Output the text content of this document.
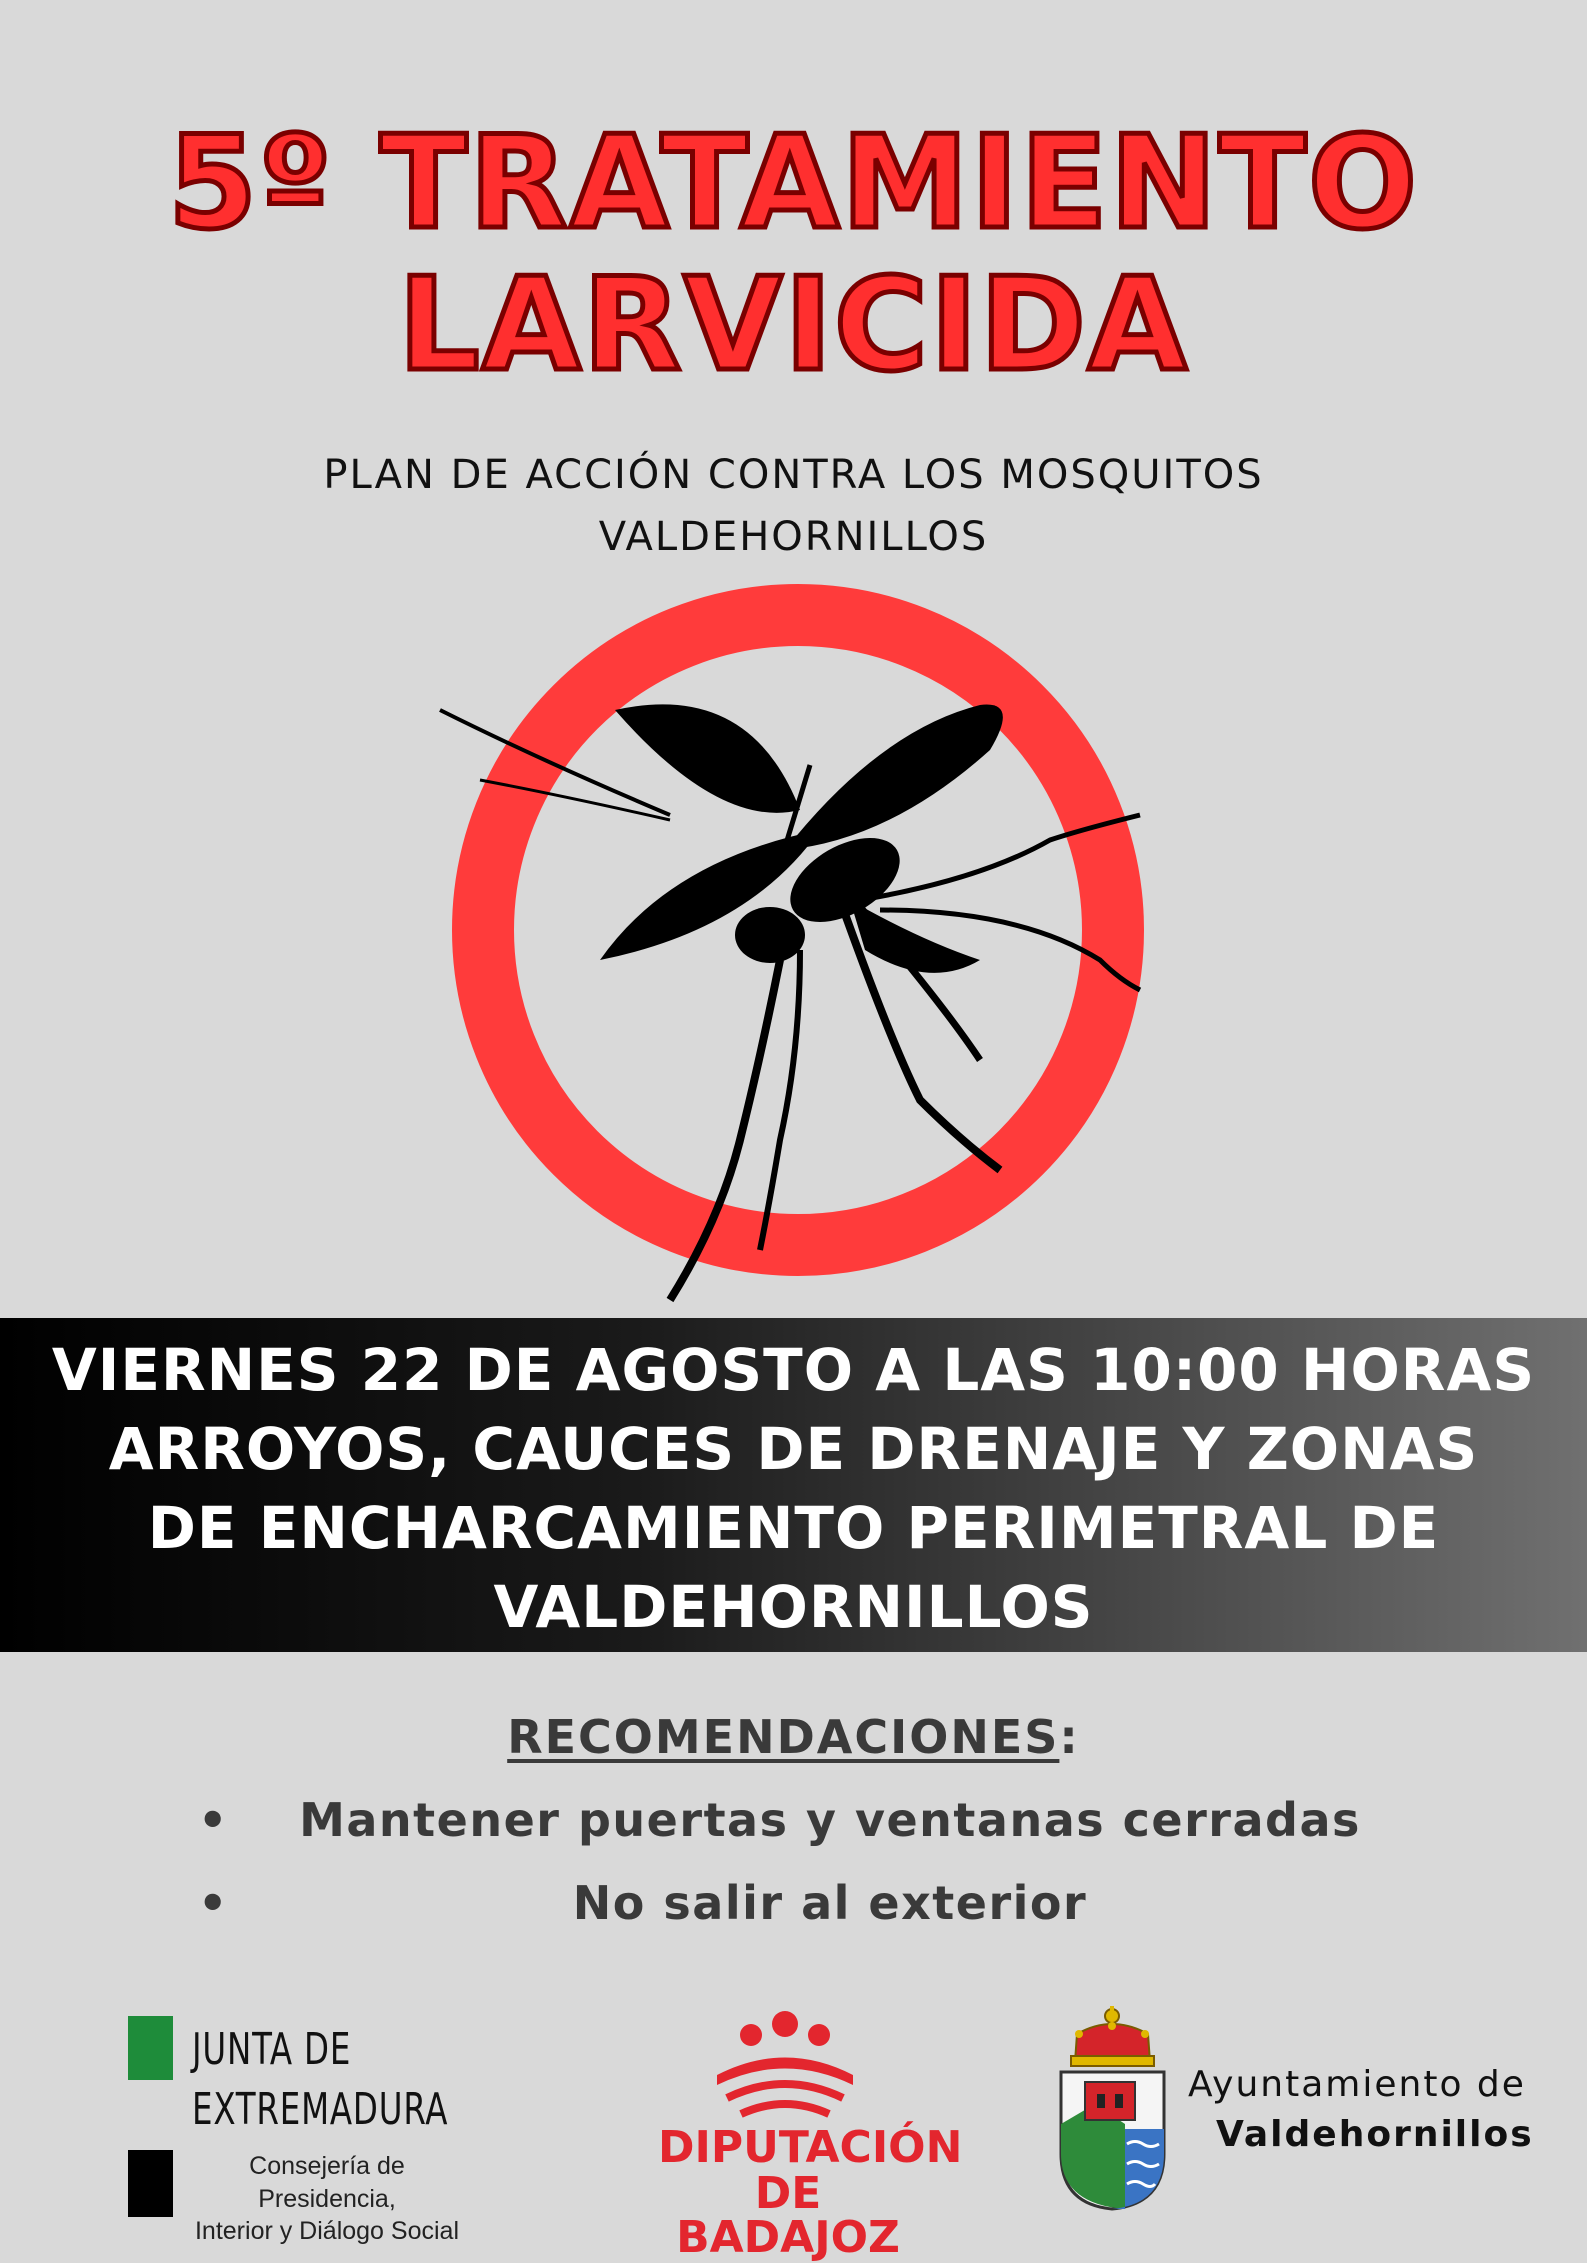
5º TRATAMIENTO
LARVICIDA
PLAN DE ACCIÓN CONTRA LOS MOSQUITOS
VALDEHORNILLOS
VIERNES 22 DE AGOSTO A LAS 10:00 HORAS
ARROYOS, CAUCES DE DRENAJE Y ZONAS
DE ENCHARCAMIENTO PERIMETRAL DE
VALDEHORNILLOS
RECOMENDACIONES:
•	Mantener puertas y ventanas cerradas
•	No salir al exterior
JUNTA DE
EXTREMADURA
Consejería de Presidencia,
Interior y Diálogo Social
DIPUTACIÓN
DE BADAJOZ
Ayuntamiento de
Valdehornillos
